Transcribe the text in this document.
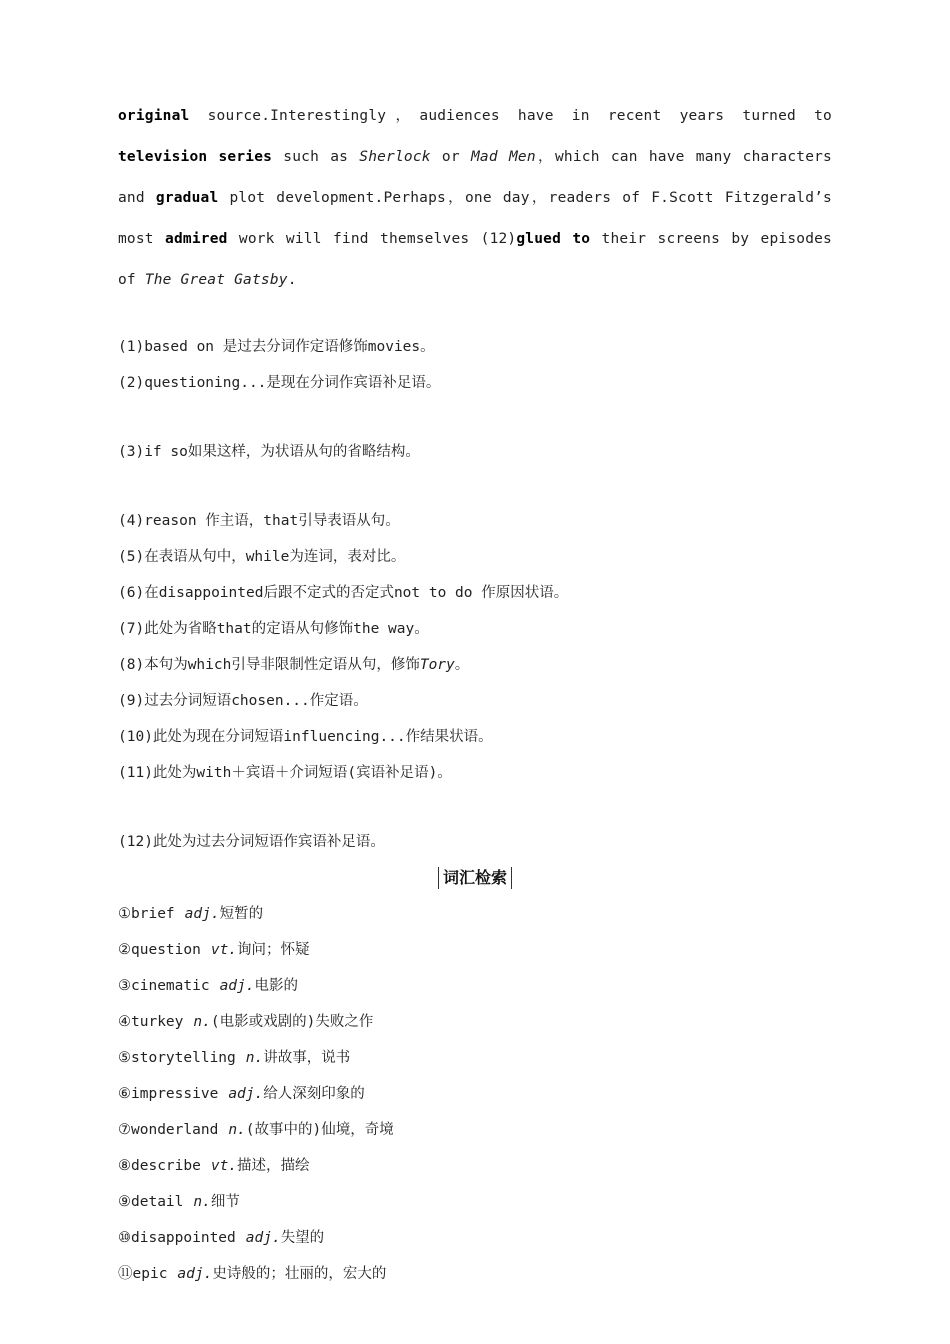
original source.Interestingly，audiences have in recent years turned to television series such as Sherlock or Mad Men，which can have many characters and gradual plot development.Perhaps，one day，readers of F.Scott Fitzgerald’s most admired work will find themselves (12)glued to their screens by episodes of The Great Gatsby.

(1)based on 是过去分词作定语修饰movies。

(2)questioning...是现在分词作宾语补足语。

(3)if so如果这样，为状语从句的省略结构。

(4)reason 作主语，that引导表语从句。

(5)在表语从句中，while为连词，表对比。

(6)在disappointed后跟不定式的否定式not to do 作原因状语。

(7)此处为省略that的定语从句修饰the way。

(8)本句为which引导非限制性定语从句，修饰Tory。

(9)过去分词短语chosen...作定语。

(10)此处为现在分词短语influencing...作结果状语。

(11)此处为with＋宾语＋介词短语(宾语补足语)。

(12)此处为过去分词短语作宾语补足语。

词汇检索
①brief adj.短暂的
②question vt.询问；怀疑
③cinematic adj.电影的
④turkey n.(电影或戏剧的)失败之作
⑤storytelling n.讲故事，说书
⑥impressive adj.给人深刻印象的
⑦wonderland n.(故事中的)仙境，奇境
⑧describe vt.描述，描绘
⑨detail n.细节
⑩disappointed adj.失望的
⑪epic adj.史诗般的；壮丽的，宏大的
